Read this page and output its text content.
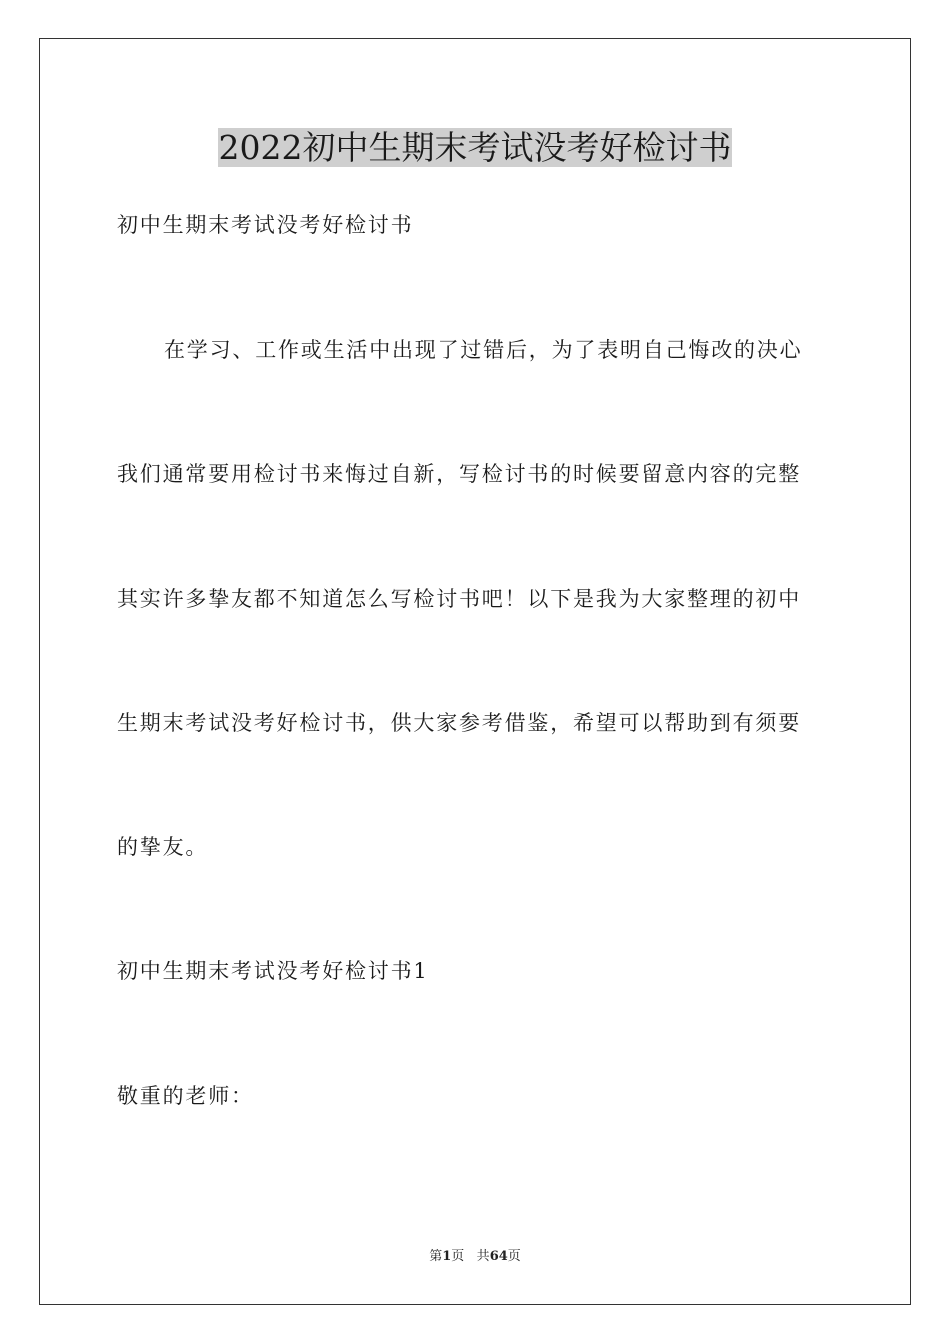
2022初中生期末考试没考好检讨书
初中生期末考试没考好检讨书
在学习、工作或生活中出现了过错后，为了表明自己悔改的决心
我们通常要用检讨书来悔过自新，写检讨书的时候要留意内容的完整
其实许多挚友都不知道怎么写检讨书吧！以下是我为大家整理的初中
生期末考试没考好检讨书，供大家参考借鉴，希望可以帮助到有须要
的挚友。
初中生期末考试没考好检讨书1
敬重的老师：
第1页 共64页
